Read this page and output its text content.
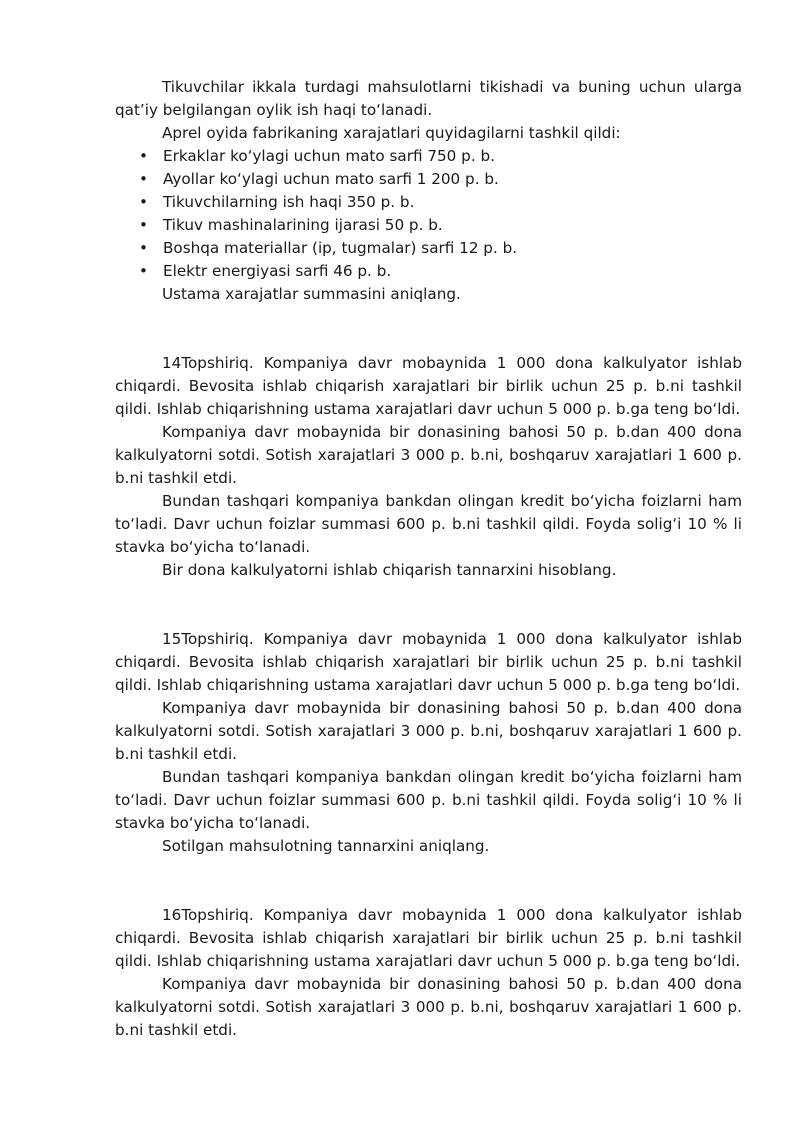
Tikuvchilar ikkala turdagi mahsulotlarni tikishadi va buning uchun ularga qat’iy belgilangan oylik ish haqi to‘lanadi.

Aprel oyida fabrikaning xarajatlari quyidagilarni tashkil qildi:

• Erkaklar ko‘ylagi uchun mato sarfi 750 p. b.
• Ayollar ko‘ylagi uchun mato sarfi 1 200 p. b.
• Tikuvchilarning ish haqi 350 p. b.
• Tikuv mashinalarining ijarasi 50 p. b.
• Boshqa materiallar (ip, tugmalar) sarfi 12 p. b.
• Elektr energiyasi sarfi 46 p. b.

Ustama xarajatlar summasini aniqlang.

14Topshiriq. Kompaniya davr mobaynida 1 000 dona kalkulyator ishlab chiqardi. Bevosita ishlab chiqarish xarajatlari bir birlik uchun 25 p. b.ni tashkil qildi. Ishlab chiqarishning ustama xarajatlari davr uchun 5 000 p. b.ga teng bo‘ldi.

Kompaniya davr mobaynida bir donasining bahosi 50 p. b.dan 400 dona kalkulyatorni sotdi. Sotish xarajatlari 3 000 p. b.ni, boshqaruv xarajatlari 1 600 p. b.ni tashkil etdi.

Bundan tashqari kompaniya bankdan olingan kredit bo‘yicha foizlarni ham to‘ladi. Davr uchun foizlar summasi 600 p. b.ni tashkil qildi. Foyda solig‘i 10 % li stavka bo‘yicha to‘lanadi.

Bir dona kalkulyatorni ishlab chiqarish tannarxini hisoblang.

15Topshiriq. Kompaniya davr mobaynida 1 000 dona kalkulyator ishlab chiqardi. Bevosita ishlab chiqarish xarajatlari bir birlik uchun 25 p. b.ni tashkil qildi. Ishlab chiqarishning ustama xarajatlari davr uchun 5 000 p. b.ga teng bo‘ldi.

Kompaniya davr mobaynida bir donasining bahosi 50 p. b.dan 400 dona kalkulyatorni sotdi. Sotish xarajatlari 3 000 p. b.ni, boshqaruv xarajatlari 1 600 p. b.ni tashkil etdi.

Bundan tashqari kompaniya bankdan olingan kredit bo‘yicha foizlarni ham to‘ladi. Davr uchun foizlar summasi 600 p. b.ni tashkil qildi. Foyda solig‘i 10 % li stavka bo‘yicha to‘lanadi.

Sotilgan mahsulotning tannarxini aniqlang.

16Topshiriq. Kompaniya davr mobaynida 1 000 dona kalkulyator ishlab chiqardi. Bevosita ishlab chiqarish xarajatlari bir birlik uchun 25 p. b.ni tashkil qildi. Ishlab chiqarishning ustama xarajatlari davr uchun 5 000 p. b.ga teng bo‘ldi.

Kompaniya davr mobaynida bir donasining bahosi 50 p. b.dan 400 dona kalkulyatorni sotdi. Sotish xarajatlari 3 000 p. b.ni, boshqaruv xarajatlari 1 600 p. b.ni tashkil etdi.
